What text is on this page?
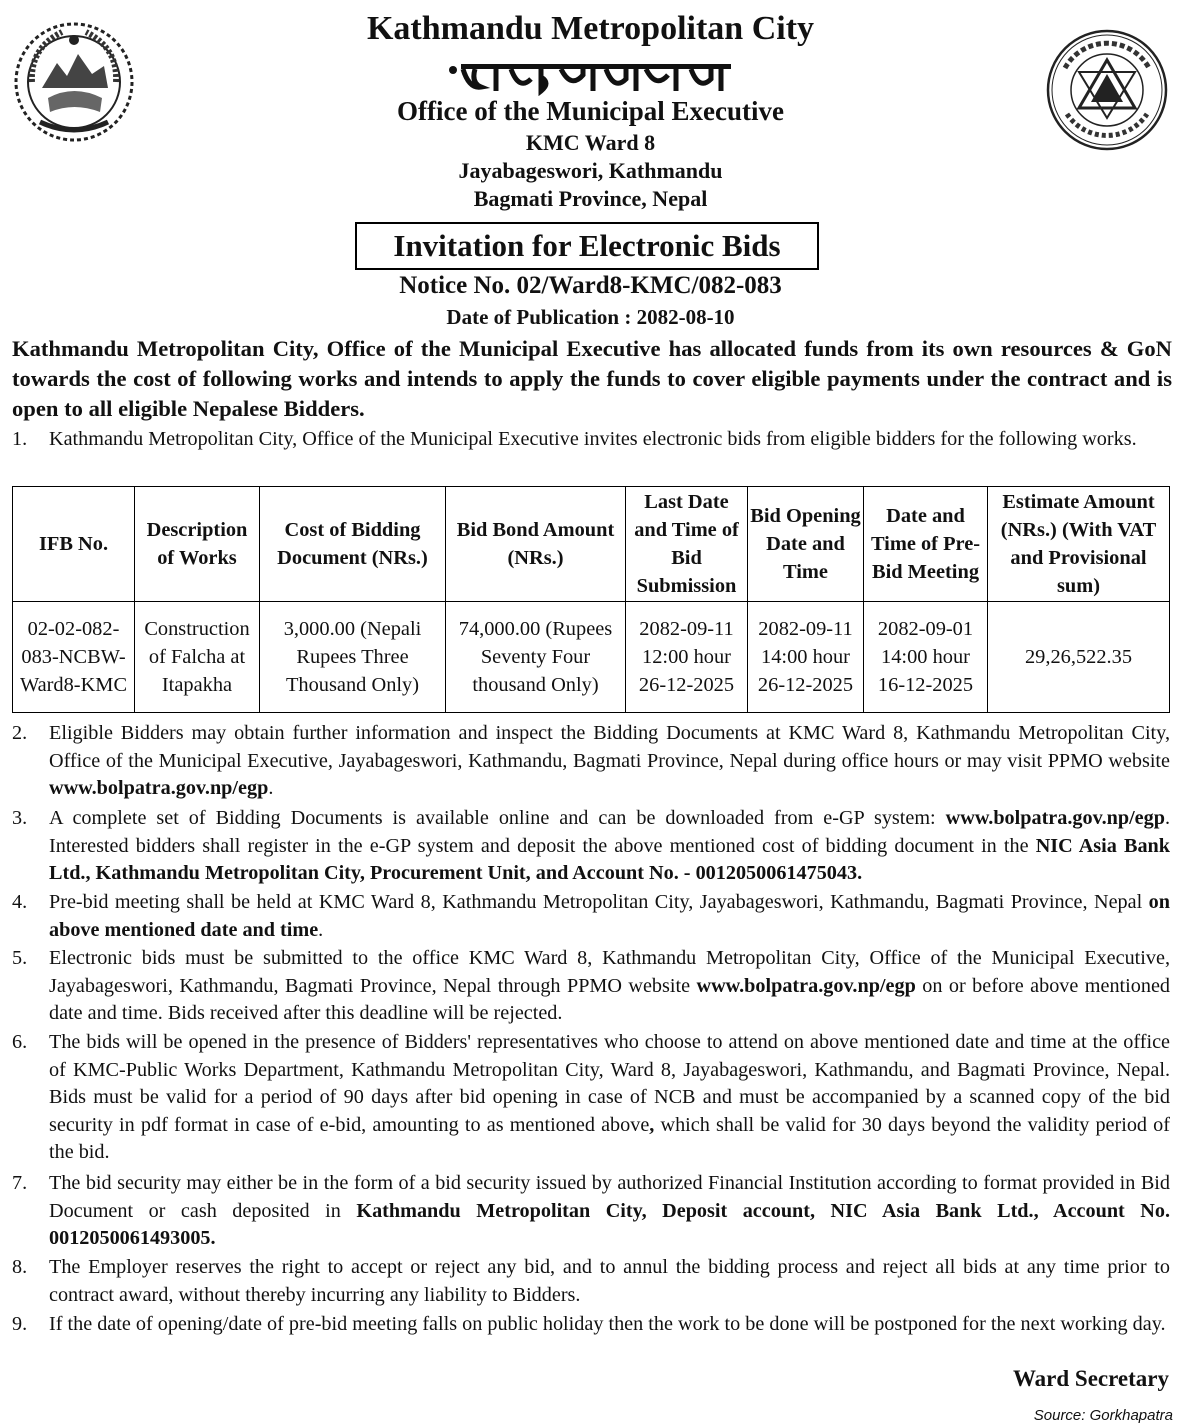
Kathmandu Metropolitan City
Office of the Municipal Executive
KMC Ward 8
Jayabageswori, Kathmandu
Bagmati Province, Nepal
Invitation for Electronic Bids
Notice No. 02/Ward8-KMC/082-083
Date of Publication : 2082-08-10
Kathmandu Metropolitan City, Office of the Municipal Executive has allocated funds from its own resources & GoN towards the cost of following works and intends to apply the funds to cover eligible payments under the contract and is open to all eligible Nepalese Bidders.
1. Kathmandu Metropolitan City, Office of the Municipal Executive invites electronic bids from eligible bidders for the following works.
IFB No.	Description of Works	Cost of Bidding Document (NRs.)	Bid Bond Amount (NRs.)	Last Date and Time of Bid Submission	Bid Opening Date and Time	Date and Time of Pre-Bid Meeting	Estimate Amount (NRs.) (With VAT and Provisional sum)
02-02-082-083-NCBW-Ward8-KMC	Construction of Falcha at Itapakha	3,000.00 (Nepali Rupees Three Thousand Only)	74,000.00 (Rupees Seventy Four thousand Only)	2082-09-11 12:00 hour 26-12-2025	2082-09-11 14:00 hour 26-12-2025	2082-09-01 14:00 hour 16-12-2025	29,26,522.35
2. Eligible Bidders may obtain further information and inspect the Bidding Documents at KMC Ward 8, Kathmandu Metropolitan City, Office of the Municipal Executive, Jayabageswori, Kathmandu, Bagmati Province, Nepal during office hours or may visit PPMO website www.bolpatra.gov.np/egp.
3. A complete set of Bidding Documents is available online and can be downloaded from e-GP system: www.bolpatra.gov.np/egp. Interested bidders shall register in the e-GP system and deposit the above mentioned cost of bidding document in the NIC Asia Bank Ltd., Kathmandu Metropolitan City, Procurement Unit, and Account No. - 0012050061475043.
4. Pre-bid meeting shall be held at KMC Ward 8, Kathmandu Metropolitan City, Jayabageswori, Kathmandu, Bagmati Province, Nepal on above mentioned date and time.
5. Electronic bids must be submitted to the office KMC Ward 8, Kathmandu Metropolitan City, Office of the Municipal Executive, Jayabageswori, Kathmandu, Bagmati Province, Nepal through PPMO website www.bolpatra.gov.np/egp on or before above mentioned date and time. Bids received after this deadline will be rejected.
6. The bids will be opened in the presence of Bidders' representatives who choose to attend on above mentioned date and time at the office of KMC-Public Works Department, Kathmandu Metropolitan City, Ward 8, Jayabageswori, Kathmandu, and Bagmati Province, Nepal. Bids must be valid for a period of 90 days after bid opening in case of NCB and must be accompanied by a scanned copy of the bid security in pdf format in case of e-bid, amounting to as mentioned above, which shall be valid for 30 days beyond the validity period of the bid.
7. The bid security may either be in the form of a bid security issued by authorized Financial Institution according to format provided in Bid Document or cash deposited in Kathmandu Metropolitan City, Deposit account, NIC Asia Bank Ltd., Account No. 0012050061493005.
8. The Employer reserves the right to accept or reject any bid, and to annul the bidding process and reject all bids at any time prior to contract award, without thereby incurring any liability to Bidders.
9. If the date of opening/date of pre-bid meeting falls on public holiday then the work to be done will be postponed for the next working day.
Ward Secretary
Source: Gorkhapatra
